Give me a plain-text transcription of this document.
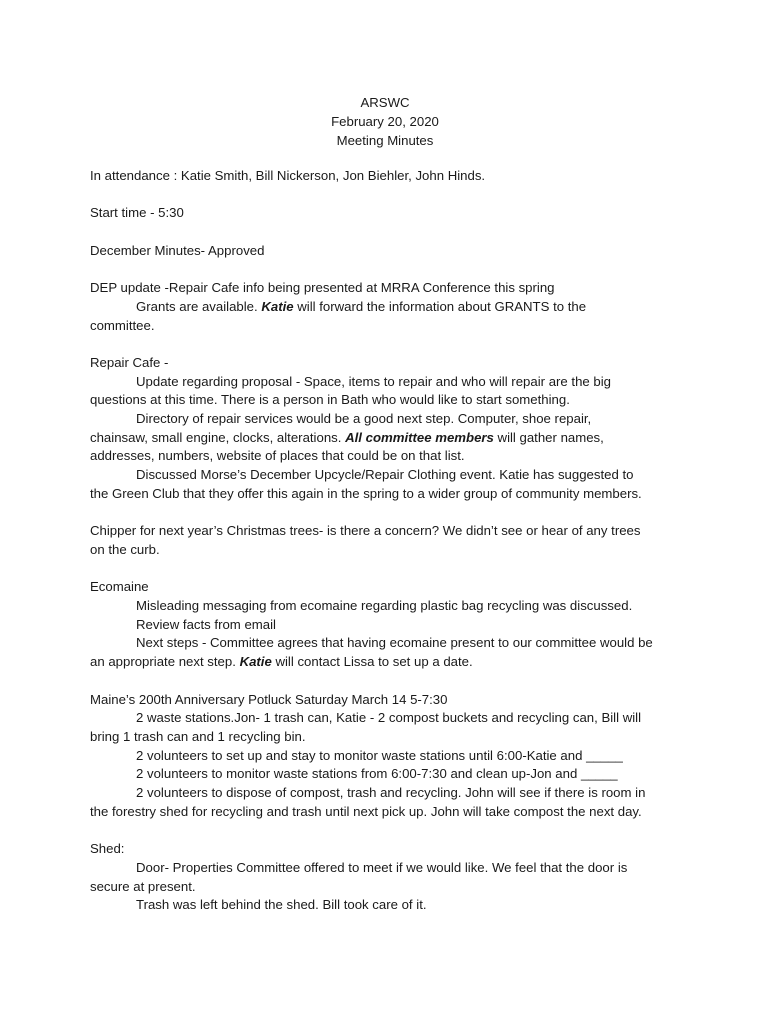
ARSWC
February 20, 2020
Meeting Minutes

In attendance : Katie Smith, Bill Nickerson, Jon Biehler, John Hinds.

Start time - 5:30

December Minutes- Approved

DEP update -Repair Cafe info being presented at MRRA Conference this spring

Grants are available. Katie will forward the information about GRANTS to the

committee.

Repair Cafe -

Update regarding proposal - Space, items to repair and who will repair are the big

questions at this time. There is a person in Bath who would like to start something.

Directory of repair services would be a good next step. Computer, shoe repair,

chainsaw, small engine, clocks, alterations. All committee members will gather names,

addresses, numbers, website of places that could be on that list.

Discussed Morse’s December Upcycle/Repair Clothing event. Katie has suggested to

the Green Club that they offer this again in the spring to a wider group of community members.

Chipper for next year’s Christmas trees- is there a concern? We didn’t see or hear of any trees

on the curb.

Ecomaine

Misleading messaging from ecomaine regarding plastic bag recycling was discussed.

Review facts from email

Next steps - Committee agrees that having ecomaine present to our committee would be

an appropriate next step. Katie will contact Lissa to set up a date.

Maine’s 200th Anniversary Potluck Saturday March 14 5-7:30

2 waste stations.Jon- 1 trash can, Katie - 2 compost buckets and recycling can, Bill will

bring 1 trash can and 1 recycling bin.

2 volunteers to set up and stay to monitor waste stations until 6:00-Katie and _____

2 volunteers to monitor waste stations from 6:00-7:30 and clean up-Jon and _____

2 volunteers to dispose of compost, trash and recycling. John will see if there is room in

the forestry shed for recycling and trash until next pick up. John will take compost the next day.

Shed:

Door- Properties Committee offered to meet if we would like. We feel that the door is

secure at present.

Trash was left behind the shed. Bill took care of it.
